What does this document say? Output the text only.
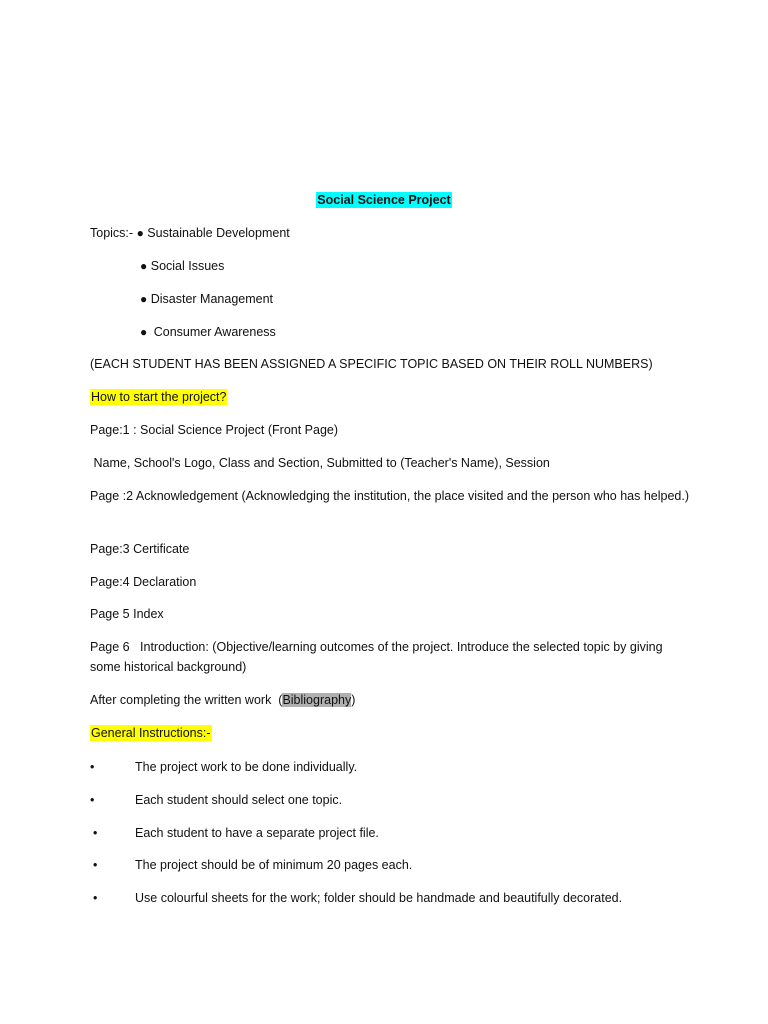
Social Science Project
Topics:- ● Sustainable Development
● Social Issues
● Disaster Management
● Consumer Awareness
(EACH STUDENT HAS BEEN ASSIGNED A SPECIFIC TOPIC BASED ON THEIR ROLL NUMBERS)
How to start the project?
Page:1 : Social Science Project (Front Page)
Name, School's Logo, Class and Section, Submitted to (Teacher's Name), Session
Page :2 Acknowledgement (Acknowledging the institution, the place visited and the person who has helped.)
Page:3 Certificate
Page:4 Declaration
Page 5 Index
Page 6   Introduction: (Objective/learning outcomes of the project. Introduce the selected topic by giving some historical background)
After completing the written work  (Bibliography)
General Instructions:-
•	The project work to be done individually.
•	Each student should select one topic.
•	Each student to have a separate project file.
•	The project should be of minimum 20 pages each.
•	Use colourful sheets for the work; folder should be handmade and beautifully decorated.
